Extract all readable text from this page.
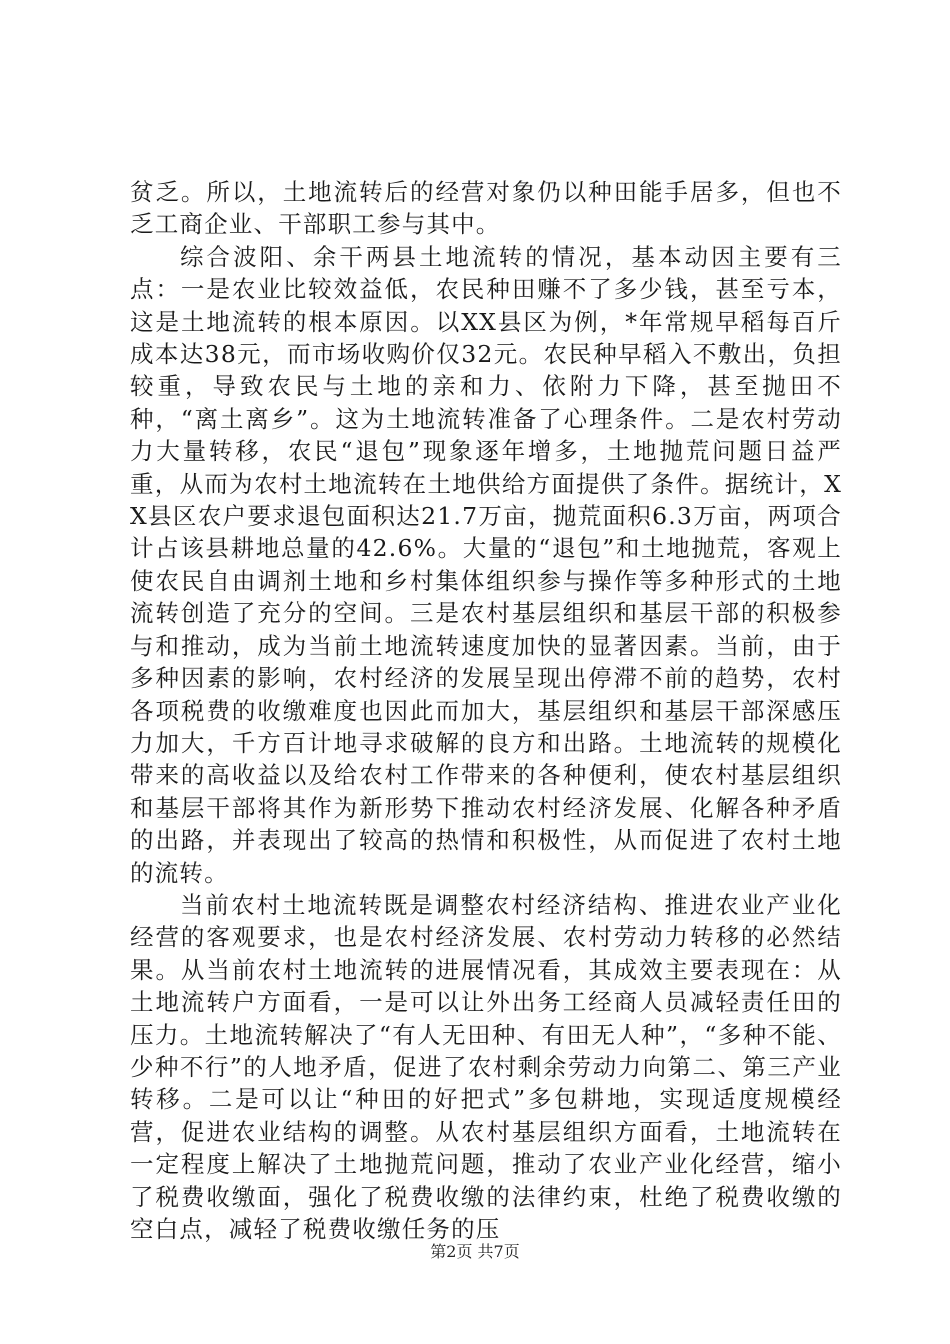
贫乏。所以，土地流转后的经营对象仍以种田能手居多，但也不乏工商企业、干部职工参与其中。

综合波阳、余干两县土地流转的情况，基本动因主要有三点：一是农业比较效益低，农民种田赚不了多少钱，甚至亏本，这是土地流转的根本原因。以XX县区为例，*年常规早稻每百斤成本达38元，而市场收购价仅32元。农民种早稻入不敷出，负担较重，导致农民与土地的亲和力、依附力下降，甚至抛田不种，“离土离乡”。这为土地流转准备了心理条件。二是农村劳动力大量转移，农民“退包”现象逐年增多，土地抛荒问题日益严重，从而为农村土地流转在土地供给方面提供了条件。据统计，XX县区农户要求退包面积达21.7万亩，抛荒面积6.3万亩，两项合计占该县耕地总量的42.6%。大量的“退包”和土地抛荒，客观上使农民自由调剂土地和乡村集体组织参与操作等多种形式的土地流转创造了充分的空间。三是农村基层组织和基层干部的积极参与和推动，成为当前土地流转速度加快的显著因素。当前，由于多种因素的影响，农村经济的发展呈现出停滞不前的趋势，农村各项税费的收缴难度也因此而加大，基层组织和基层干部深感压力加大，千方百计地寻求破解的良方和出路。土地流转的规模化带来的高收益以及给农村工作带来的各种便利，使农村基层组织和基层干部将其作为新形势下推动农村经济发展、化解各种矛盾的出路，并表现出了较高的热情和积极性，从而促进了农村土地的流转。

当前农村土地流转既是调整农村经济结构、推进农业产业化经营的客观要求，也是农村经济发展、农村劳动力转移的必然结果。从当前农村土地流转的进展情况看，其成效主要表现在：从土地流转户方面看，一是可以让外出务工经商人员减轻责任田的压力。土地流转解决了“有人无田种、有田无人种”，“多种不能、少种不行”的人地矛盾，促进了农村剩余劳动力向第二、第三产业转移。二是可以让“种田的好把式”多包耕地，实现适度规模经营，促进农业结构的调整。从农村基层组织方面看，土地流转在一定程度上解决了土地抛荒问题，推动了农业产业化经营，缩小了税费收缴面，强化了税费收缴的法律约束，杜绝了税费收缴的空白点，减轻了税费收缴任务的压

第2页 共7页
